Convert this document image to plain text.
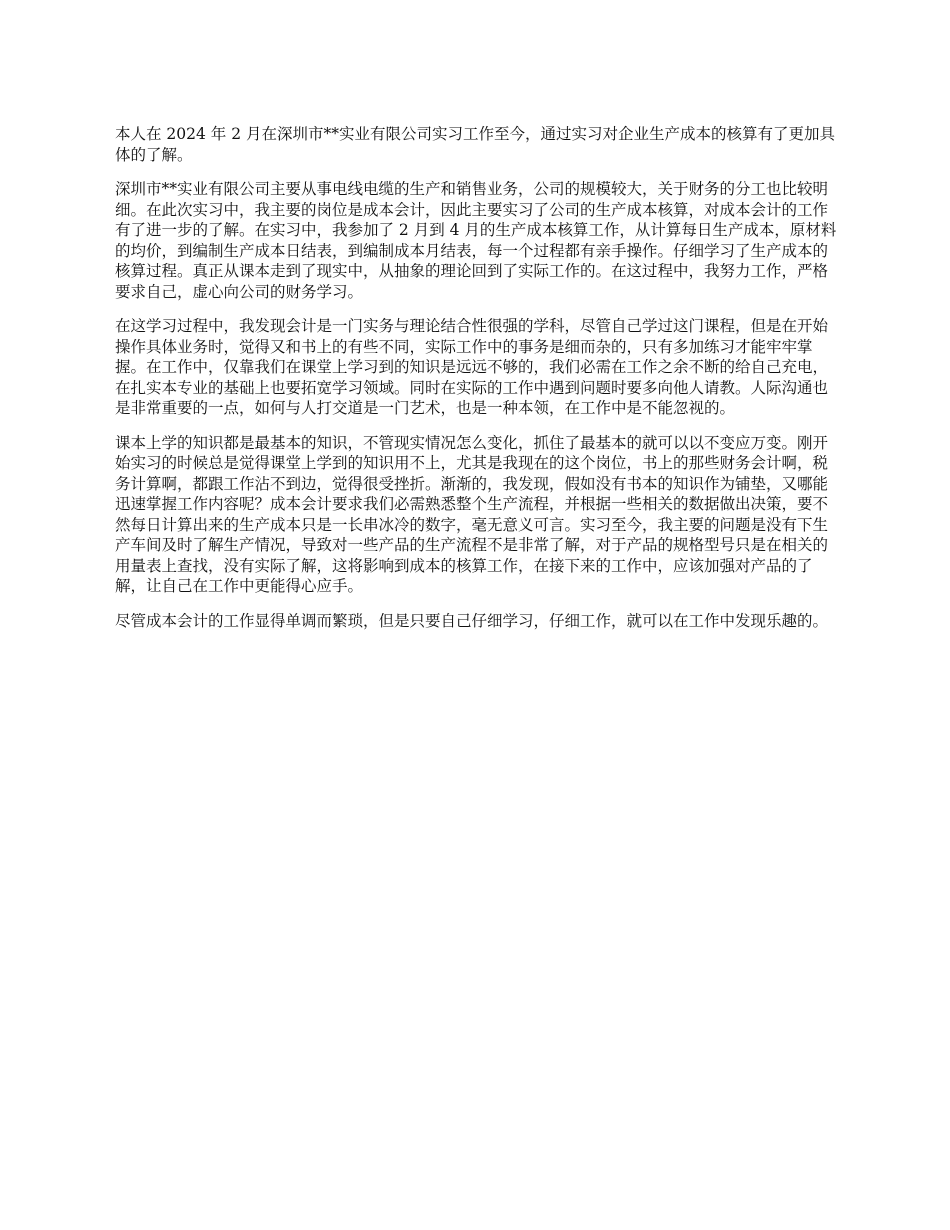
本人在 2024 年 2 月在深圳市**实业有限公司实习工作至今，通过实习对企业生产成本的核算有了更加具体的了解。

深圳市**实业有限公司主要从事电线电缆的生产和销售业务，公司的规模较大，关于财务的分工也比较明细。在此次实习中，我主要的岗位是成本会计，因此主要实习了公司的生产成本核算，对成本会计的工作有了进一步的了解。在实习中，我参加了 2 月到 4 月的生产成本核算工作，从计算每日生产成本，原材料的均价，到编制生产成本日结表，到编制成本月结表，每一个过程都有亲手操作。仔细学习了生产成本的核算过程。真正从课本走到了现实中，从抽象的理论回到了实际工作的。在这过程中，我努力工作，严格要求自己，虚心向公司的财务学习。

在这学习过程中，我发现会计是一门实务与理论结合性很强的学科，尽管自己学过这门课程，但是在开始操作具体业务时，觉得又和书上的有些不同，实际工作中的事务是细而杂的，只有多加练习才能牢牢掌握。在工作中，仅靠我们在课堂上学习到的知识是远远不够的，我们必需在工作之余不断的给自己充电，在扎实本专业的基础上也要拓宽学习领域。同时在实际的工作中遇到问题时要多向他人请教。人际沟通也是非常重要的一点，如何与人打交道是一门艺术，也是一种本领，在工作中是不能忽视的。

课本上学的知识都是最基本的知识，不管现实情况怎么变化，抓住了最基本的就可以以不变应万变。刚开始实习的时候总是觉得课堂上学到的知识用不上，尤其是我现在的这个岗位，书上的那些财务会计啊，税务计算啊，都跟工作沾不到边，觉得很受挫折。渐渐的，我发现，假如没有书本的知识作为铺垫，又哪能迅速掌握工作内容呢？成本会计要求我们必需熟悉整个生产流程，并根据一些相关的数据做出决策，要不然每日计算出来的生产成本只是一长串冰冷的数字，毫无意义可言。实习至今，我主要的问题是没有下生产车间及时了解生产情况，导致对一些产品的生产流程不是非常了解，对于产品的规格型号只是在相关的用量表上查找，没有实际了解，这将影响到成本的核算工作，在接下来的工作中，应该加强对产品的了解，让自己在工作中更能得心应手。

尽管成本会计的工作显得单调而繁琐，但是只要自己仔细学习，仔细工作，就可以在工作中发现乐趣的。
